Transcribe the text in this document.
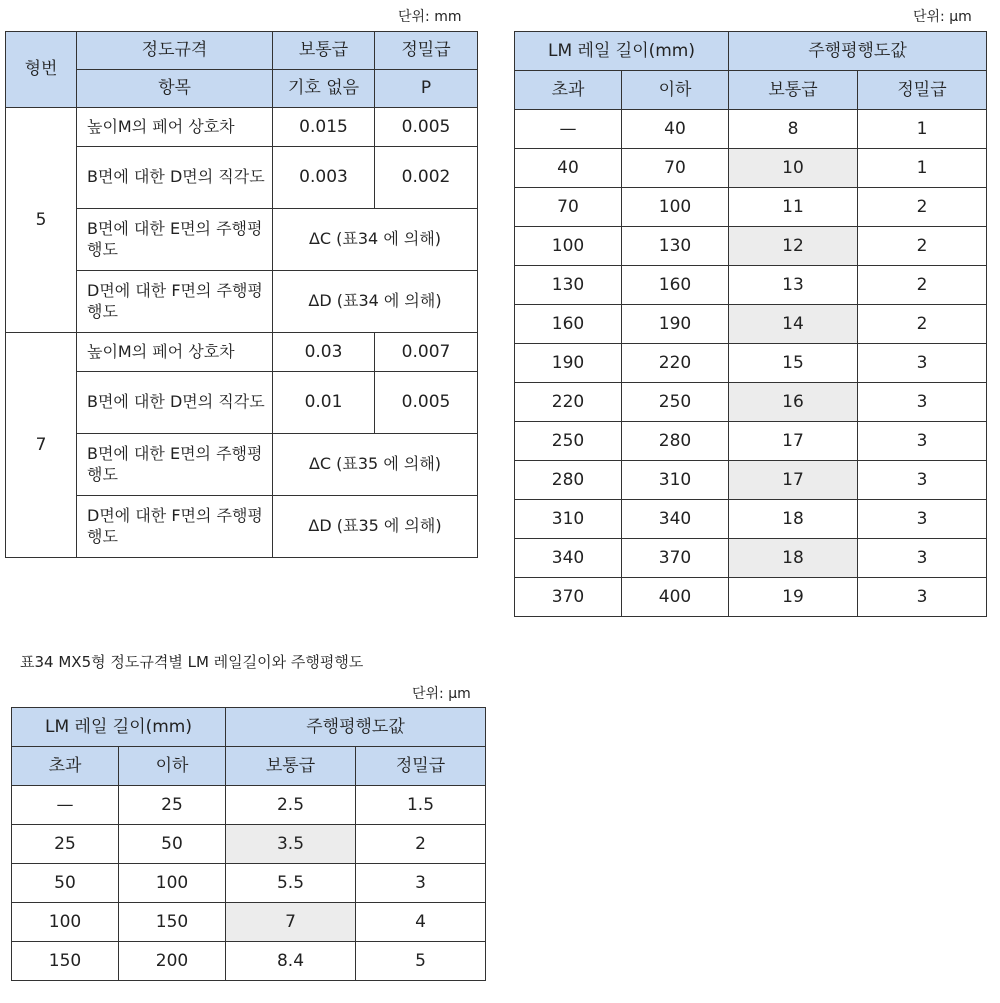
단위: mm	단위: μm
표34 MX5형 정도규격별 LM 레일길이와 주행평행도
단위: μm
형번	정도규격	보통급	정밀급
	항목	기호 없음	P
5	높이M의 페어 상호차	0.015	0.005
	B면에 대한 D면의 직각도	0.003	0.002
	B면에 대한 E면의 주행평행도	ΔC (표34 에 의해)	
	D면에 대한 F면의 주행평행도	ΔD (표34 에 의해)	
7	높이M의 페어 상호차	0.03	0.007
	B면에 대한 D면의 직각도	0.01	0.005
	B면에 대한 E면의 주행평행도	ΔC (표35 에 의해)	
	D면에 대한 F면의 주행평행도	ΔD (표35 에 의해)	
LM 레일 길이(mm)		주행평행도값	
초과	이하	보통급	정밀급
—	40	8	1
40	70	10	1
70	100	11	2
100	130	12	2
130	160	13	2
160	190	14	2
190	220	15	3
220	250	16	3
250	280	17	3
280	310	17	3
310	340	18	3
340	370	18	3
370	400	19	3
LM 레일 길이(mm)		주행평행도값	
초과	이하	보통급	정밀급
—	25	2.5	1.5
25	50	3.5	2
50	100	5.5	3
100	150	7	4
150	200	8.4	5
